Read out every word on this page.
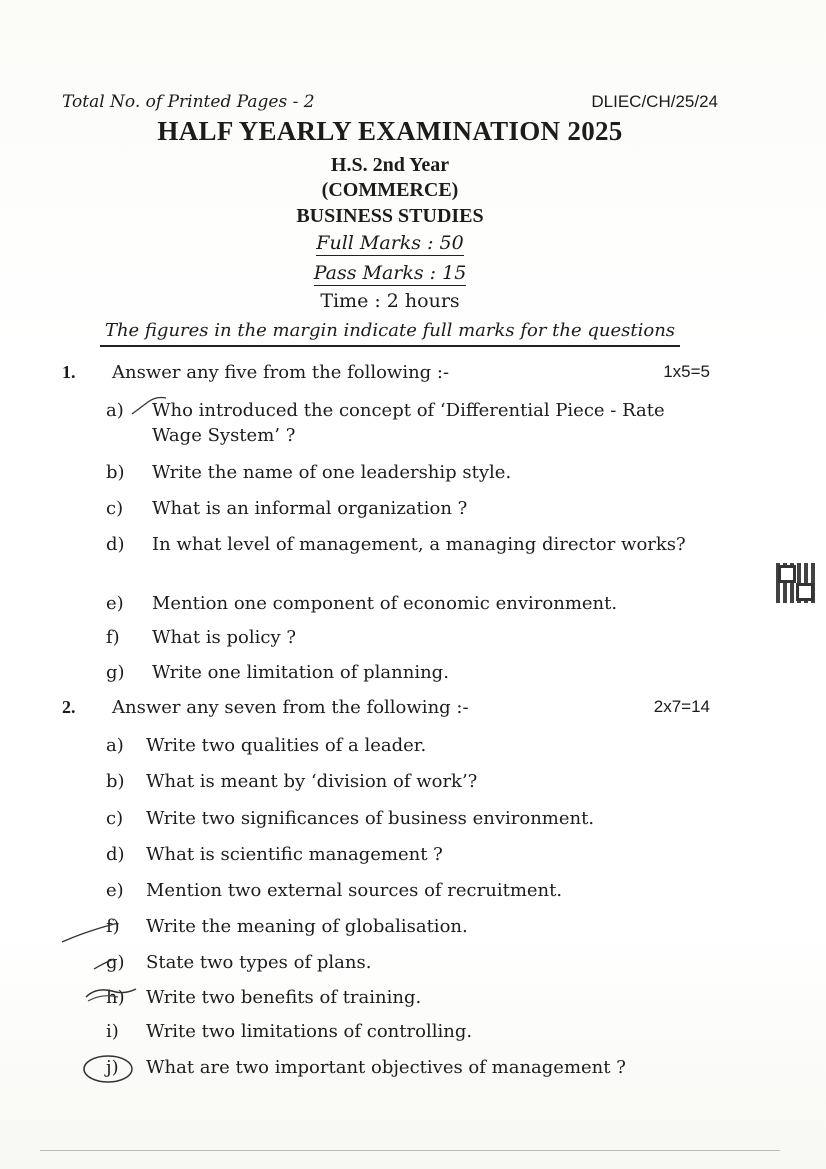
Total No. of Printed Pages - 2	DLIEC/CH/25/24
HALF YEARLY EXAMINATION 2025
H.S. 2nd Year
(COMMERCE)
BUSINESS STUDIES
Full Marks : 50
Pass Marks : 15
Time : 2 hours
The figures in the margin indicate full marks for the questions
1. Answer any five from the following :-	1x5=5
a)	Who introduced the concept of ‘Differential Piece - Rate Wage System’ ?
b)	Write the name of one leadership style.
c)	What is an informal organization ?
d)	In what level of management, a managing director works?
e)	Mention one component of economic environment.
f)	What is policy ?
g)	Write one limitation of planning.
2. Answer any seven from the following :-	2x7=14
a)	Write two qualities of a leader.
b)	What is meant by ‘division of work’?
c)	Write two significances of business environment.
d)	What is scientific management ?
e)	Mention two external sources of recruitment.
f)	Write the meaning of globalisation.
g)	State two types of plans.
h)	Write two benefits of training.
i)	Write two limitations of controlling.
j)	What are two important objectives of management ?
